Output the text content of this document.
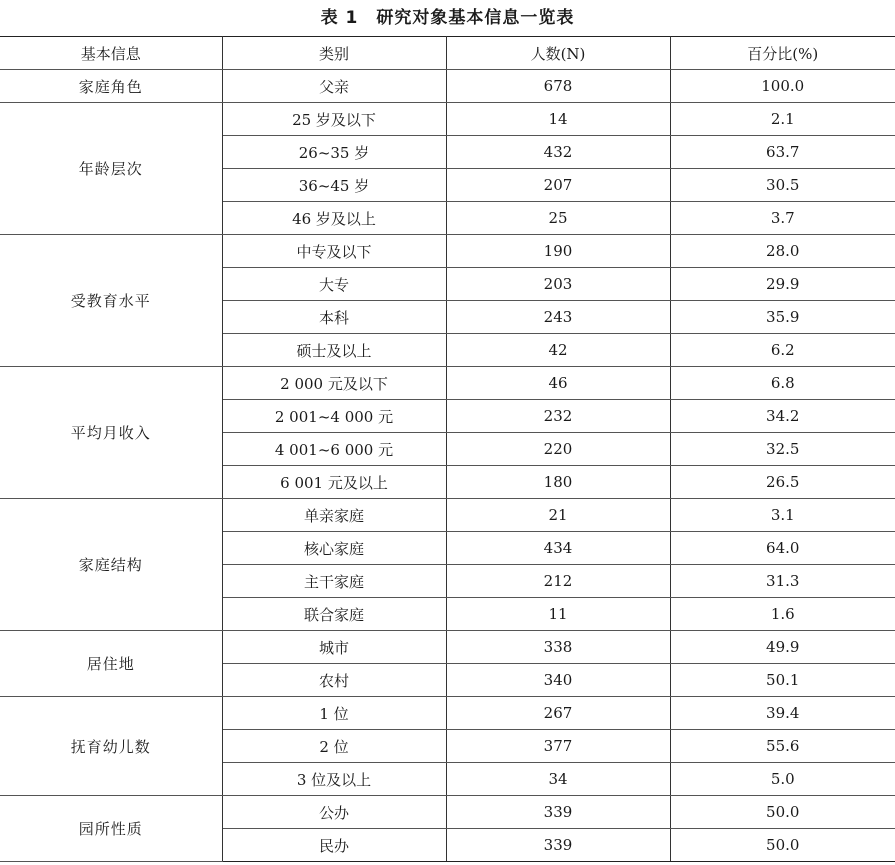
表 1 研究对象基本信息一览表
基本信息	类别	人数(N)	百分比(%)
家庭角色	父亲	678	100.0
年龄层次	25 岁及以下	14	2.1
	26~35 岁	432	63.7
	36~45 岁	207	30.5
	46 岁及以上	25	3.7
受教育水平	中专及以下	190	28.0
	大专	203	29.9
	本科	243	35.9
	硕士及以上	42	6.2
平均月收入	2 000 元及以下	46	6.8
	2 001~4 000 元	232	34.2
	4 001~6 000 元	220	32.5
	6 001 元及以上	180	26.5
家庭结构	单亲家庭	21	3.1
	核心家庭	434	64.0
	主干家庭	212	31.3
	联合家庭	11	1.6
居住地	城市	338	49.9
	农村	340	50.1
抚育幼儿数	1 位	267	39.4
	2 位	377	55.6
	3 位及以上	34	5.0
园所性质	公办	339	50.0
	民办	339	50.0
